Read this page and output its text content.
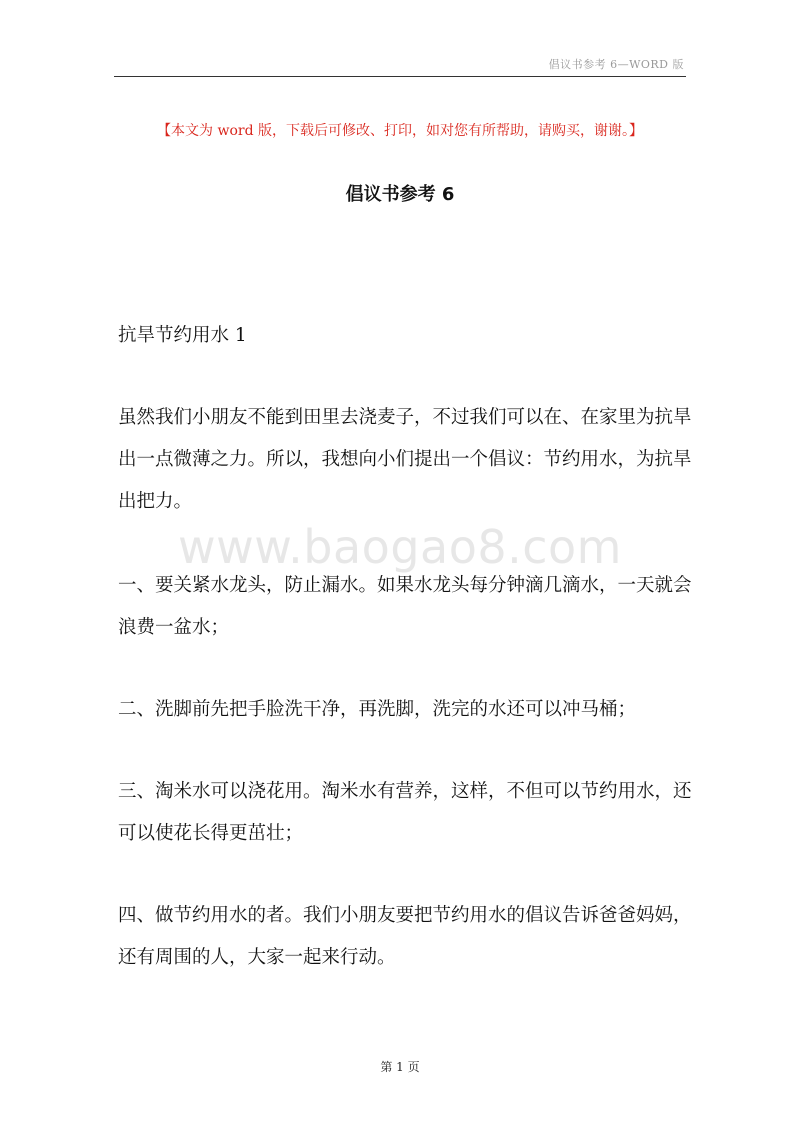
倡议书参考 6—WORD 版
【本文为 word 版，下载后可修改、打印，如对您有所帮助，请购买，谢谢。】
倡议书参考 6
www.baogao8.com

抗旱节约用水 1

虽然我们小朋友不能到田里去浇麦子，不过我们可以在、在家里为抗旱出一点微薄之力。所以，我想向小们提出一个倡议：节约用水，为抗旱出把力。

一、要关紧水龙头，防止漏水。如果水龙头每分钟滴几滴水，一天就会浪费一盆水；

二、洗脚前先把手脸洗干净，再洗脚，洗完的水还可以冲马桶；

三、淘米水可以浇花用。淘米水有营养，这样，不但可以节约用水，还可以使花长得更茁壮；

四、做节约用水的者。我们小朋友要把节约用水的倡议告诉爸爸妈妈，还有周围的人，大家一起来行动。

第 1 页
